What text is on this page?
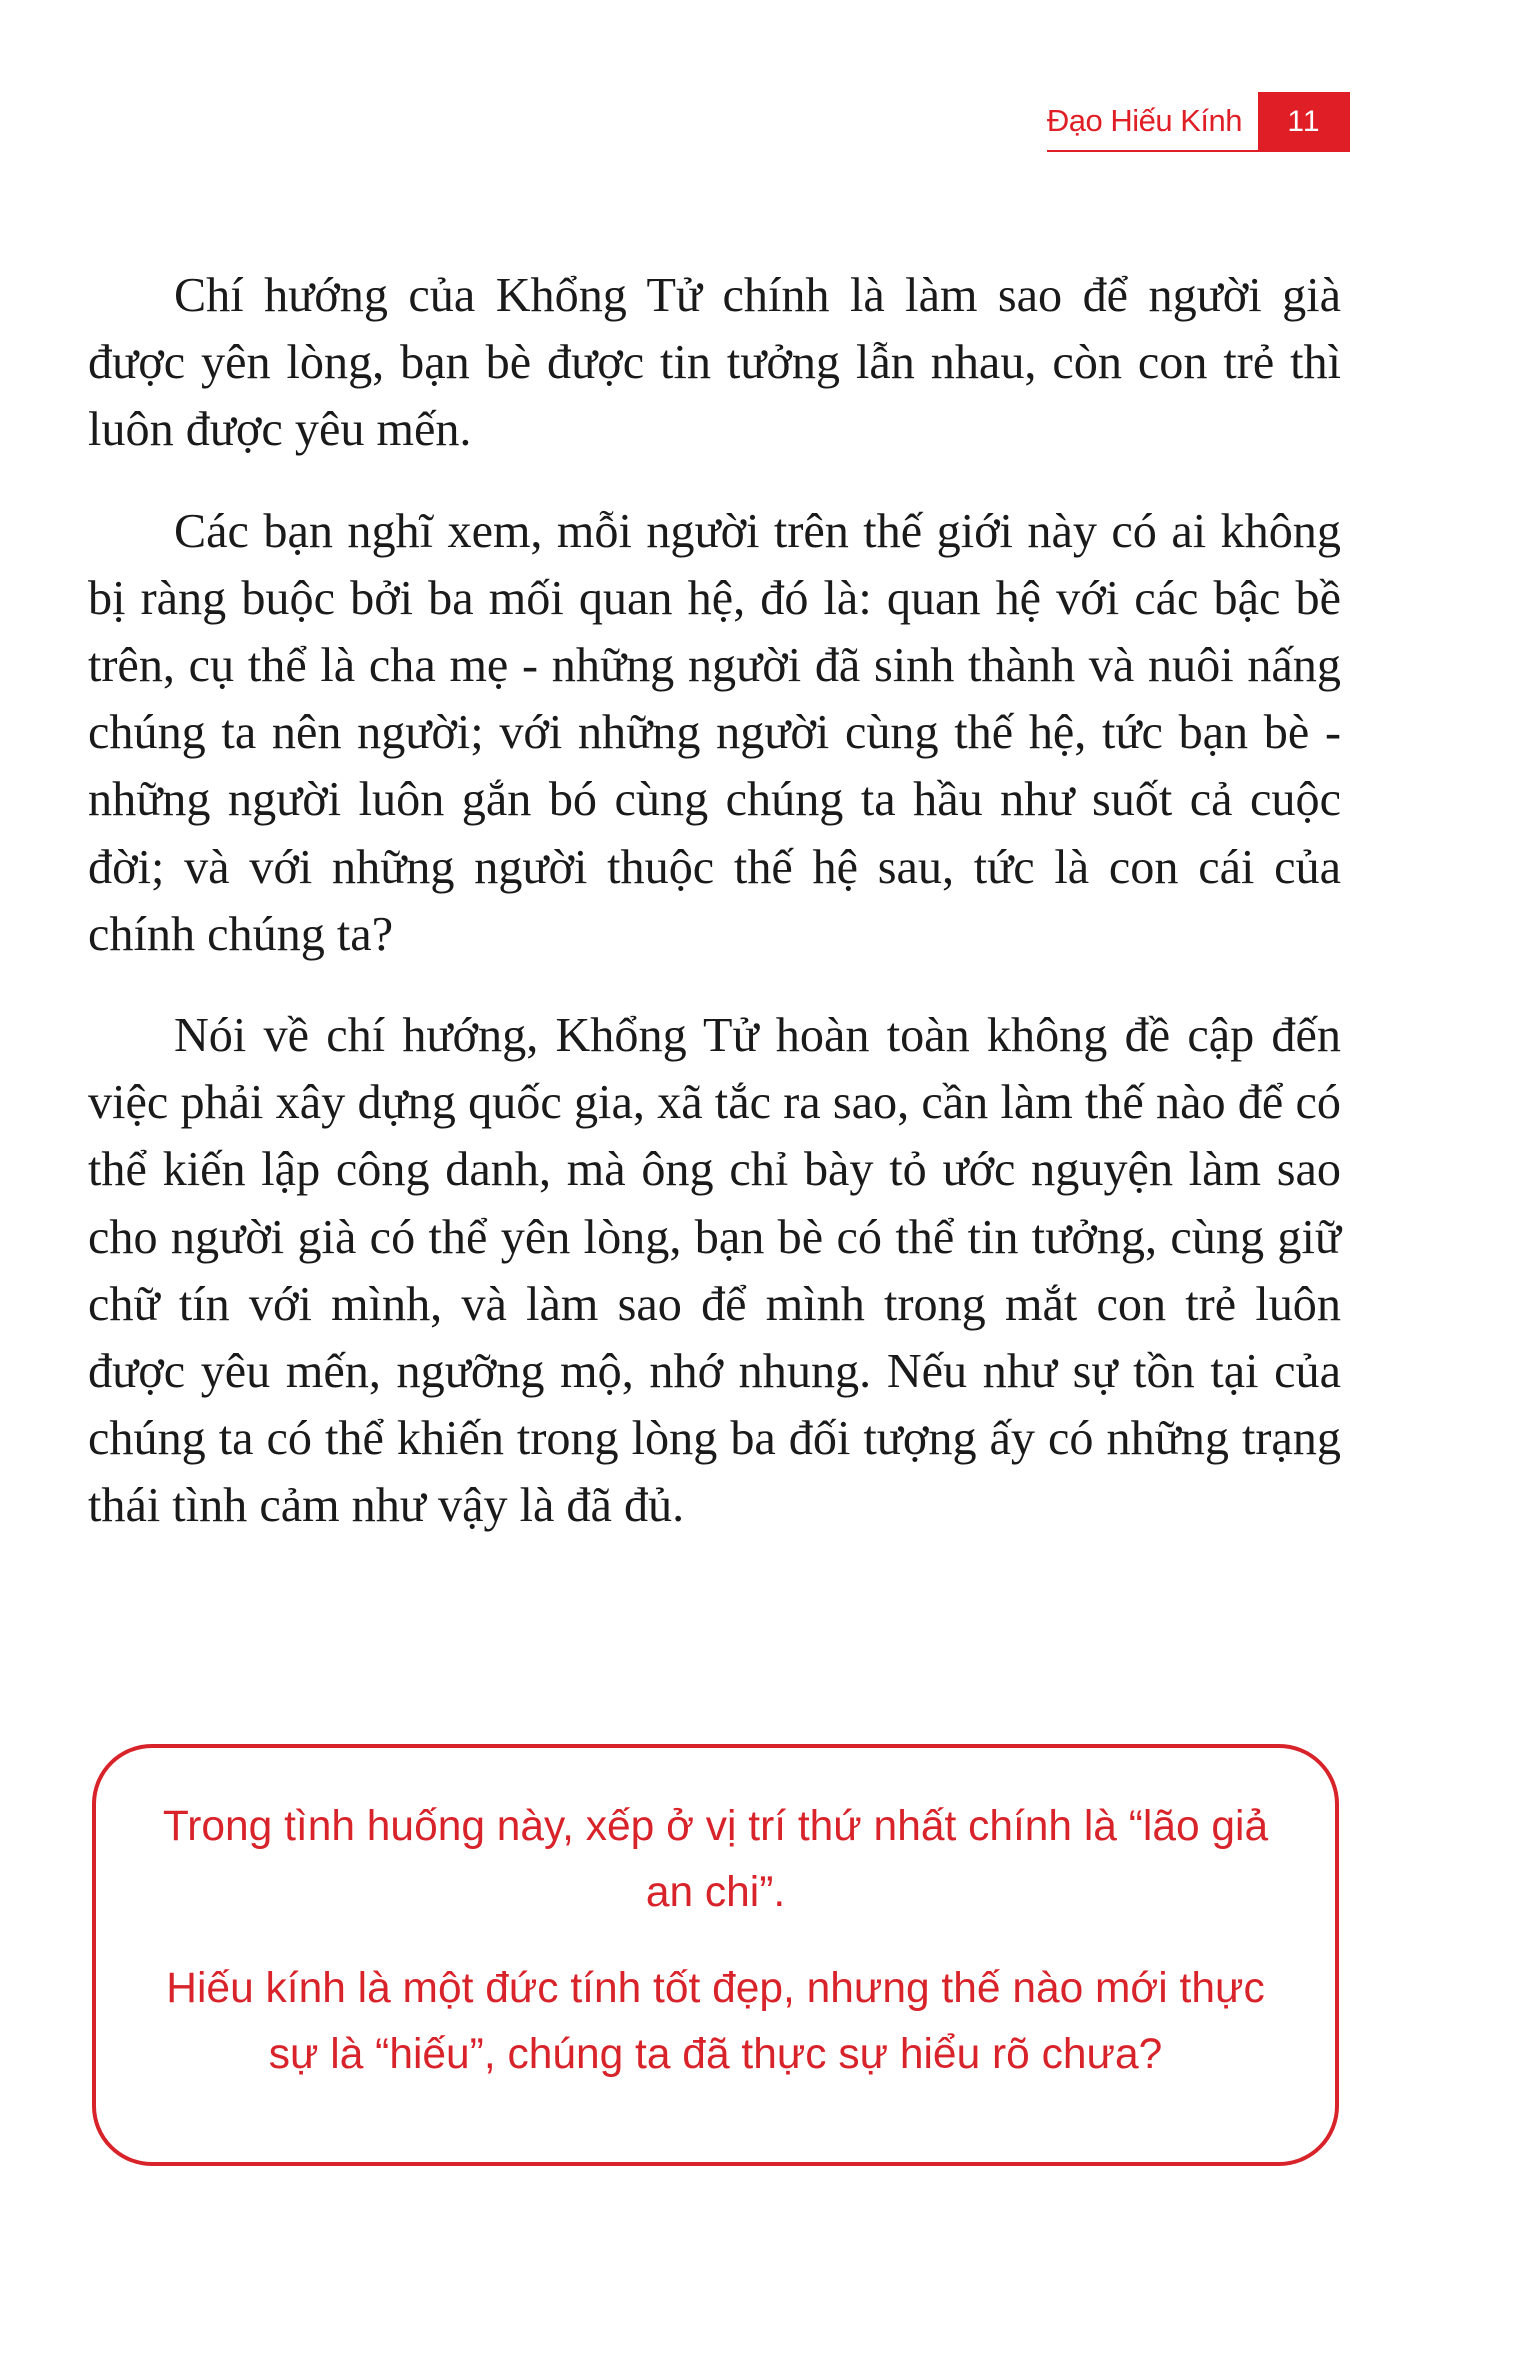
Đạo Hiếu Kính	11

Chí hướng của Khổng Tử chính là làm sao để người già được yên lòng, bạn bè được tin tưởng lẫn nhau, còn con trẻ thì luôn được yêu mến.

Các bạn nghĩ xem, mỗi người trên thế giới này có ai không bị ràng buộc bởi ba mối quan hệ, đó là: quan hệ với các bậc bề trên, cụ thể là cha mẹ - những người đã sinh thành và nuôi nấng chúng ta nên người; với những người cùng thế hệ, tức bạn bè - những người luôn gắn bó cùng chúng ta hầu như suốt cả cuộc đời; và với những người thuộc thế hệ sau, tức là con cái của chính chúng ta?

Nói về chí hướng, Khổng Tử hoàn toàn không đề cập đến việc phải xây dựng quốc gia, xã tắc ra sao, cần làm thế nào để có thể kiến lập công danh, mà ông chỉ bày tỏ ước nguyện làm sao cho người già có thể yên lòng, bạn bè có thể tin tưởng, cùng giữ chữ tín với mình, và làm sao để mình trong mắt con trẻ luôn được yêu mến, ngưỡng mộ, nhớ nhung. Nếu như sự tồn tại của chúng ta có thể khiến trong lòng ba đối tượng ấy có những trạng thái tình cảm như vậy là đã đủ.

Trong tình huống này, xếp ở vị trí thứ nhất chính là “lão giả an chi”.

Hiếu kính là một đức tính tốt đẹp, nhưng thế nào mới thực sự là “hiếu”, chúng ta đã thực sự hiểu rõ chưa?
